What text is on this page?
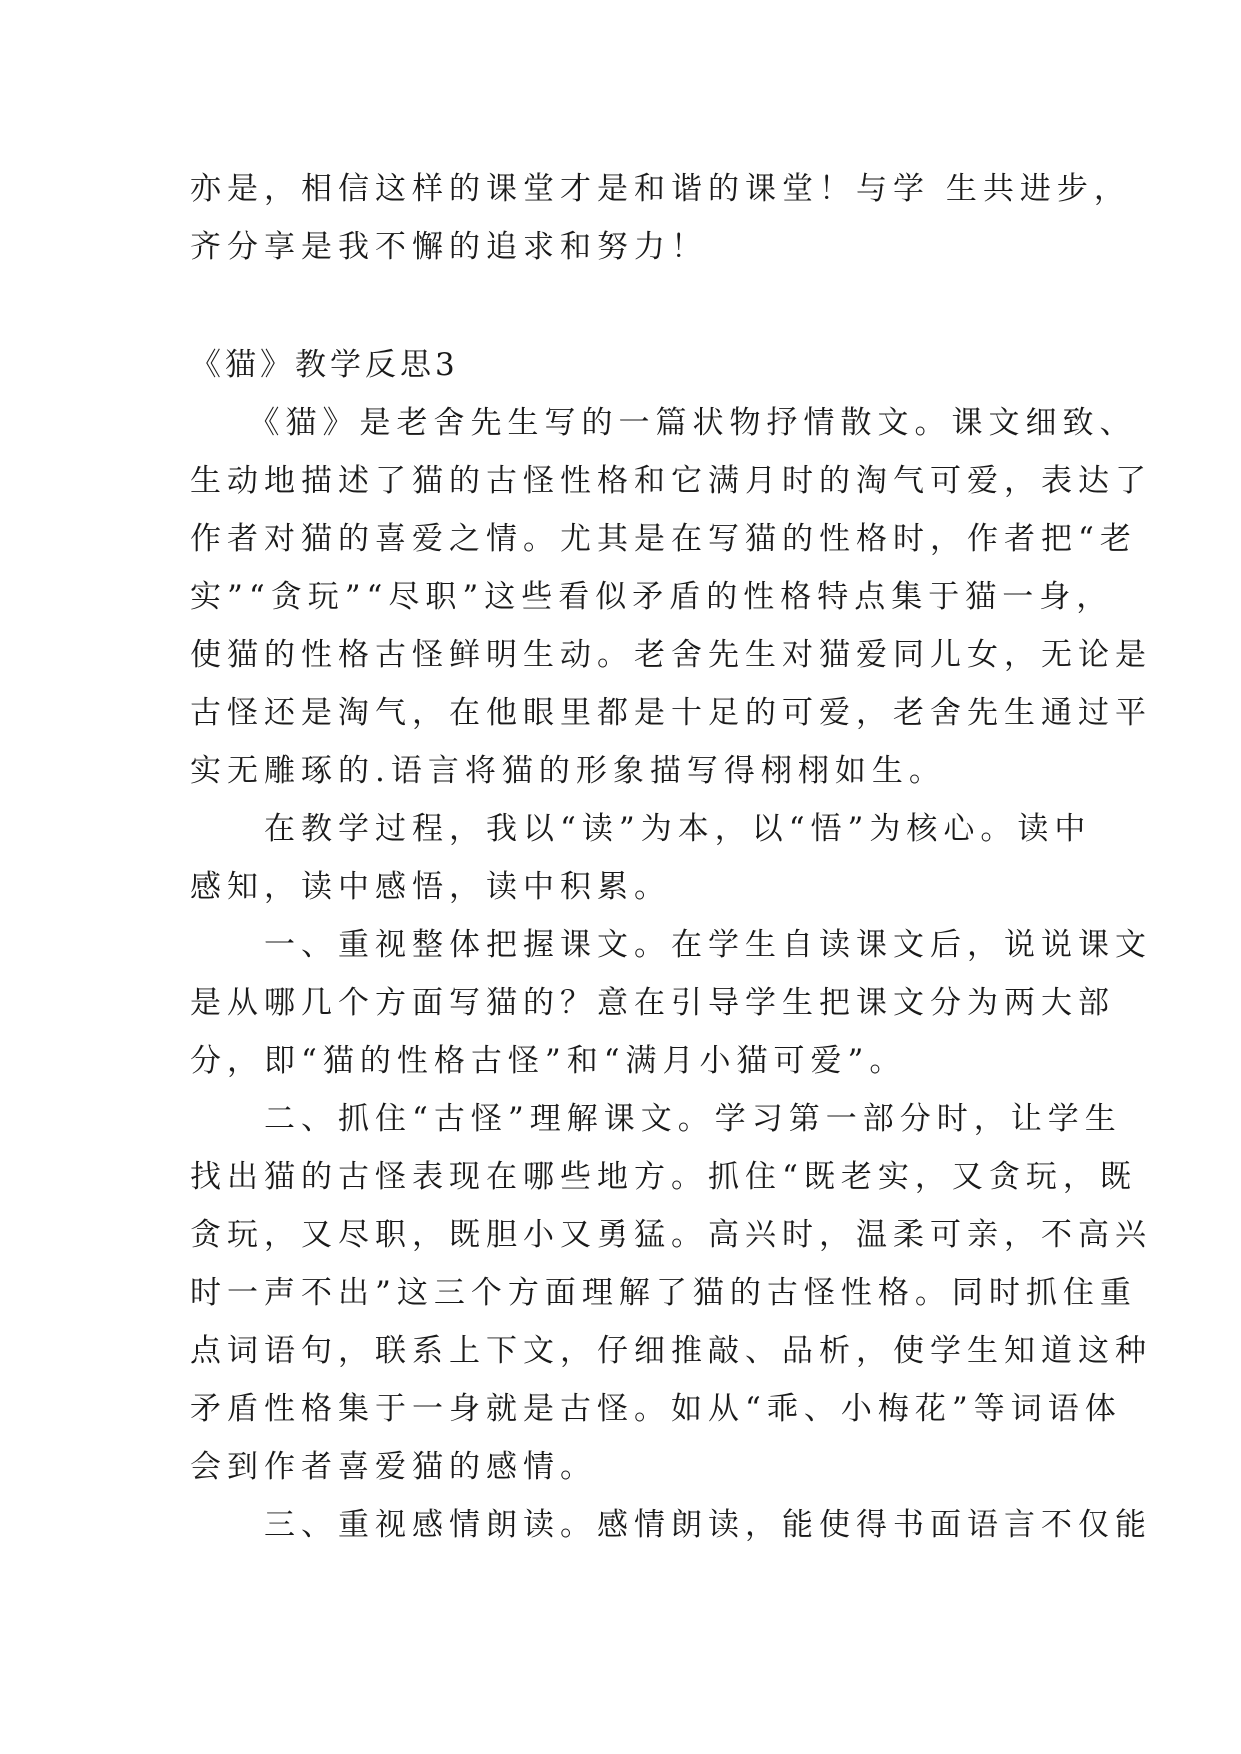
亦是，相信这样的课堂才是和谐的课堂！与学 生共进步，
齐分享是我不懈的追求和努力！
《猫》教学反思3
　　《猫》是老舍先生写的一篇状物抒情散文。课文细致、
生动地描述了猫的古怪性格和它满月时的淘气可爱，表达了
作者对猫的喜爱之情。尤其是在写猫的性格时，作者把“老
实”“贪玩”“尽职”这些看似矛盾的性格特点集于猫一身，
使猫的性格古怪鲜明生动。老舍先生对猫爱同儿女，无论是
古怪还是淘气，在他眼里都是十足的可爱，老舍先生通过平
实无雕琢的.语言将猫的形象描写得栩栩如生。
　　在教学过程，我以“读”为本，以“悟”为核心。读中
感知，读中感悟，读中积累。
　　一、重视整体把握课文。在学生自读课文后，说说课文
是从哪几个方面写猫的？意在引导学生把课文分为两大部
分，即“猫的性格古怪”和“满月小猫可爱”。
　　二、抓住“古怪”理解课文。学习第一部分时，让学生
找出猫的古怪表现在哪些地方。抓住“既老实，又贪玩，既
贪玩，又尽职，既胆小又勇猛。高兴时，温柔可亲，不高兴
时一声不出”这三个方面理解了猫的古怪性格。同时抓住重
点词语句，联系上下文，仔细推敲、品析，使学生知道这种
矛盾性格集于一身就是古怪。如从“乖、小梅花”等词语体
会到作者喜爱猫的感情。
　　三、重视感情朗读。感情朗读，能使得书面语言不仅能
